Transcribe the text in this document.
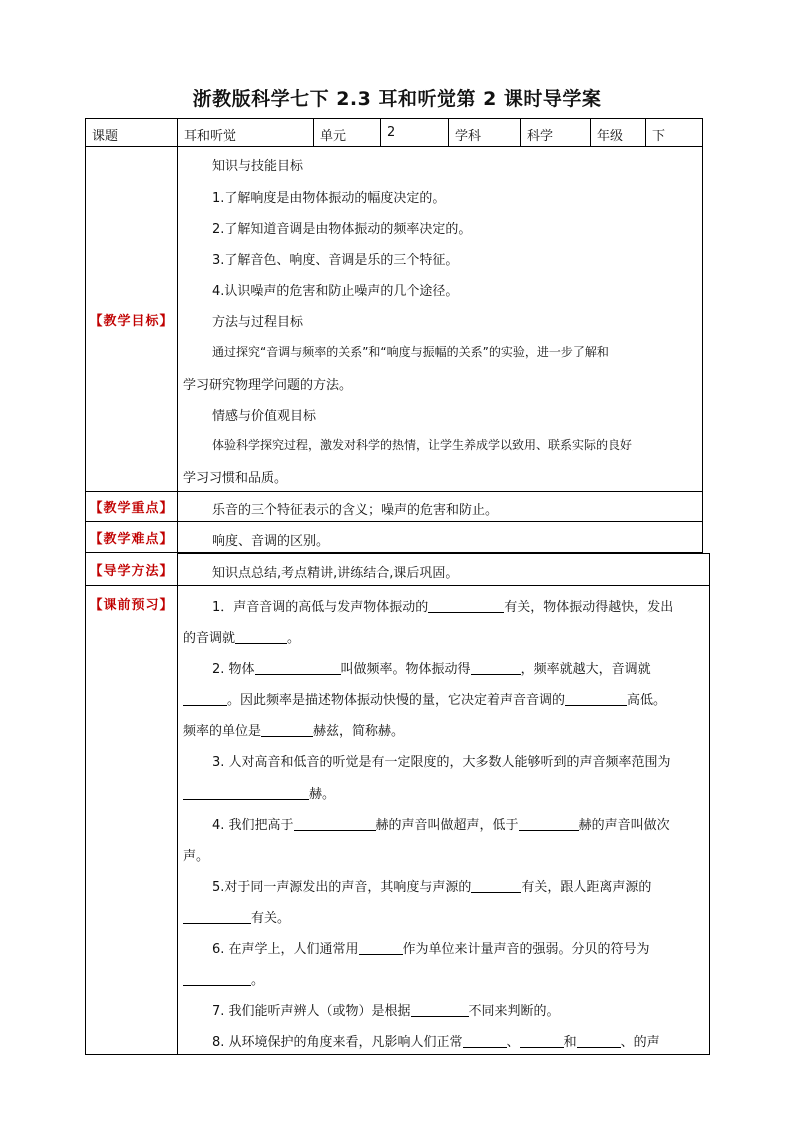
浙教版科学七下 2.3 耳和听觉第 2 课时导学案
课题	耳和听觉	单元	2	学科	科学	年级	下
【教学目标】

知识与技能目标

1.了解响度是由物体振动的幅度决定的。

2.了解知道音调是由物体振动的频率决定的。

3.了解音色、响度、音调是乐的三个特征。

4.认识噪声的危害和防止噪声的几个途径。

方法与过程目标

通过探究“音调与频率的关系”和“响度与振幅的关系”的实验，进一步了解和

学习研究物理学问题的方法。

情感与价值观目标

体验科学探究过程，激发对科学的热情，让学生养成学以致用、联系实际的良好

学习习惯和品质。

【教学重点】	乐音的三个特征表示的含义；噪声的危害和防止。

【教学难点】	响度、音调的区别。

【导学方法】	知识点总结,考点精讲,讲练结合,课后巩固。

【课前预习】	1．声音音调的高低与发声物体振动的	有关，物体振动得越快，发出

的音调就	。

2. 物体	叫做频率。物体振动得	，频率就越大，音调就

。因此频率是描述物体振动快慢的量，它决定着声音音调的	高低。

频率的单位是	赫兹，简称赫。

3. 人对高音和低音的听觉是有一定限度的，大多数人能够听到的声音频率范围为

赫。

4. 我们把高于	赫的声音叫做超声，低于	赫的声音叫做次

声。

5.对于同一声源发出的声音，其响度与声源的	有关，跟人距离声源的

有关。

6. 在声学上，人们通常用	作为单位来计量声音的强弱。分贝的符号为

。

7. 我们能听声辨人（或物）是根据	不同来判断的。

8. 从环境保护的角度来看，凡影响人们正常	、	和	、的声
